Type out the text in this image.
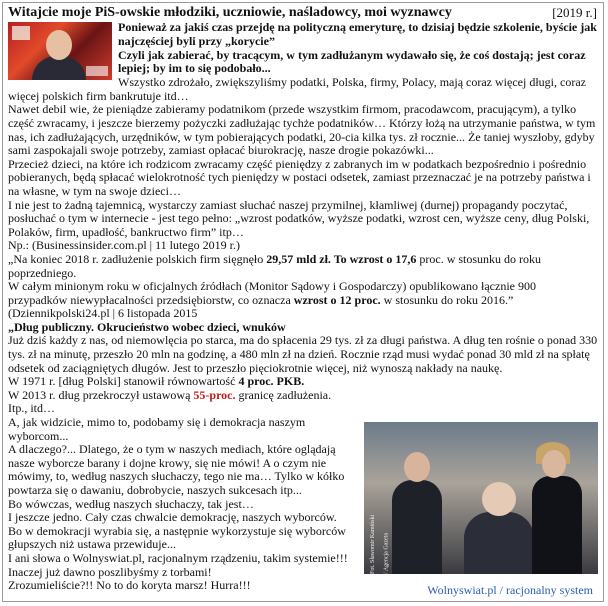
Witajcie moje PiS-owskie młodziki, uczniowie, naśladowcy, moi wyznawcy	[2019 r.]

Ponieważ za jakiś czas przejdę na polityczną emeryturę, to dzisiaj będzie szkolenie, byście jak najczęściej byli przy „korycie”

Czyli jak zabierać, by tracącym, w tym zadłużanym wydawało się, że coś dostają; jest coraz lepiej; by im to się podobało...

Wszystko zdrożało, zwiększyliśmy podatki, Polska, firmy, Polacy, mają coraz więcej długi, coraz więcej polskich firm bankrutuje itd…

Nawet debil wie, że pieniądze zabieramy podatnikom (przede wszystkim firmom, pracodawcom, pracującym), a tylko część zwracamy, i jeszcze bierzemy pożyczki zadłużając tychże podatników… Którzy łożą na utrzymanie państwa, w tym nas, ich zadłużających, urzędników, w tym pobierających podatki, 20-cia kilka tys. zł rocznie... Że taniej wyszłoby, gdyby sami zaspokajali swoje potrzeby, zamiast opłacać biurokrację, nasze drogie pokazówki...

Przecież dzieci, na które ich rodzicom zwracamy część pieniędzy z zabranych im w podatkach bezpośrednio i pośrednio pobieranych, będą spłacać wielokrotność tych pieniędzy w postaci odsetek, zamiast przeznaczać je na potrzeby państwa i na własne, w tym na swoje dzieci…

I nie jest to żadną tajemnicą, wystarczy zamiast słuchać naszej przymilnej, kłamliwej (durnej) propagandy poczytać, posłuchać o tym w internecie - jest tego pełno: „wzrost podatków, wyższe podatki, wzrost cen, wyższe ceny, dług Polski, Polaków, firm, upadłość, bankructwo firm” itp…

Np.: (Businessinsider.com.pl | 11 lutego 2019 r.)

„Na koniec 2018 r. zadłużenie polskich firm sięgnęło 29,57 mld zł. To wzrost o 17,6 proc. w stosunku do roku poprzedniego.

W całym minionym roku w oficjalnych źródłach (Monitor Sądowy i Gospodarczy) opublikowano łącznie 900 przypadków niewypłacalności przedsiębiorstw, co oznacza wzrost o 12 proc. w stosunku do roku 2016.”

(Dziennikpolski24.pl | 6 listopada 2015

„Dług publiczny. Okrucieństwo wobec dzieci, wnuków

Już dziś każdy z nas, od niemowlęcia po starca, ma do spłacenia 29 tys. zł za długi państwa. A dług ten rośnie o ponad 330 tys. zł na minutę, przeszło 20 mln na godzinę, a 480 mln zł na dzień. Rocznie rząd musi wydać ponad 30 mld zł na spłatę odsetek od zaciągniętych długów. Jest to przeszło pięciokrotnie więcej, niż wynoszą nakłady na naukę.

W 1971 r. [dług Polski] stanowił równowartość 4 proc. PKB.

W 2013 r. dług przekroczył ustawową 55-proc. granicę zadłużenia.

Itp., itd…

Fot. Sławomir Kamiński / Agencja Gazeta

A, jak widzicie, mimo to, podobamy się i demokracja naszym wyborcom...

A dlaczego?... Dlatego, że o tym w naszych mediach, które oglądają nasze wyborcze barany i dojne krowy, się nie mówi! A o czym nie mówimy, to, według naszych słuchaczy, tego nie ma… Tylko w kółko powtarza się o dawaniu, dobrobycie, naszych sukcesach itp...

Bo wówczas, według naszych słuchaczy, tak jest…

I jeszcze jedno. Cały czas chwalcie demokrację, naszych wyborców.

Bo w demokracji wyrabia się, a następnie wykorzystuje się wyborców głupszych niż ustawa przewiduje...

I ani słowa o Wolnyswiat.pl, racjonalnym rządzeniu, takim systemie!!!

Inaczej już dawno poszlibyśmy z torbami!

Zrozumieliście?!! No to do koryta marsz! Hurra!!!	Wolnyswiat.pl / racjonalny system
